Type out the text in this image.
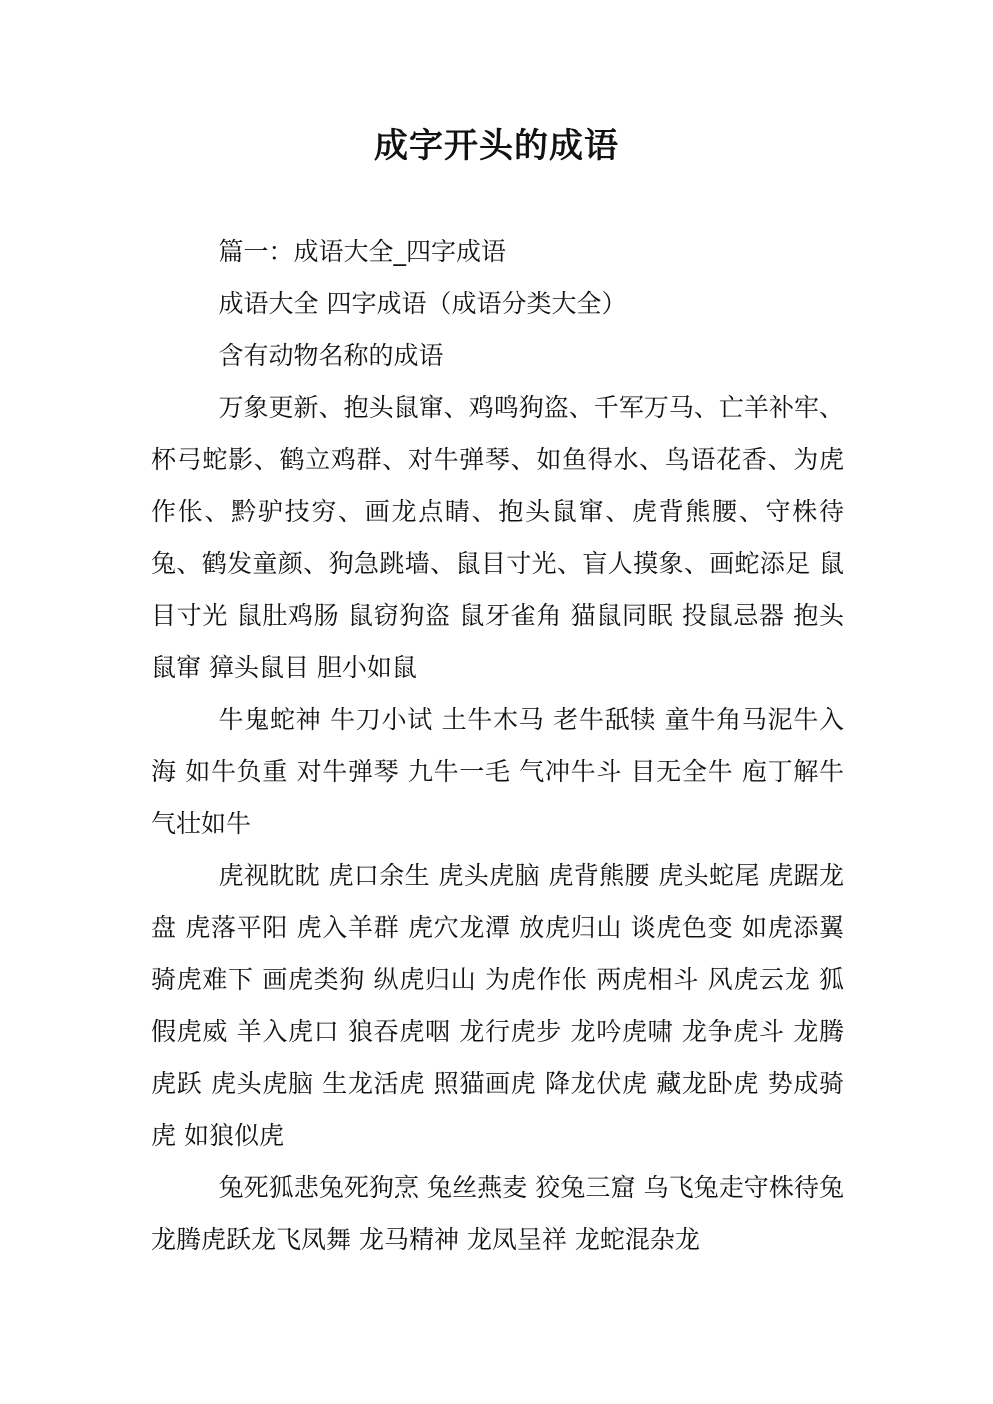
成字开头的成语

篇一：成语大全_四字成语

成语大全 四字成语（成语分类大全）

含有动物名称的成语

万象更新、抱头鼠窜、鸡鸣狗盗、千军万马、亡羊补牢、杯弓蛇影、鹤立鸡群、对牛弹琴、如鱼得水、鸟语花香、为虎作伥、黔驴技穷、画龙点睛、抱头鼠窜、虎背熊腰、守株待兔、鹤发童颜、狗急跳墙、鼠目寸光、盲人摸象、画蛇添足 鼠目寸光 鼠肚鸡肠 鼠窃狗盗 鼠牙雀角 猫鼠同眠 投鼠忌器 抱头鼠窜 獐头鼠目 胆小如鼠

牛鬼蛇神 牛刀小试 土牛木马 老牛舐犊 童牛角马泥牛入海 如牛负重 对牛弹琴 九牛一毛 气冲牛斗 目无全牛 庖丁解牛 气壮如牛

虎视眈眈 虎口余生 虎头虎脑 虎背熊腰 虎头蛇尾 虎踞龙盘 虎落平阳 虎入羊群 虎穴龙潭 放虎归山 谈虎色变 如虎添翼 骑虎难下 画虎类狗 纵虎归山 为虎作伥 两虎相斗 风虎云龙 狐假虎威 羊入虎口 狼吞虎咽 龙行虎步 龙吟虎啸 龙争虎斗 龙腾虎跃 虎头虎脑 生龙活虎 照猫画虎 降龙伏虎 藏龙卧虎 势成骑虎 如狼似虎

兔死狐悲兔死狗烹 兔丝燕麦 狡兔三窟 乌飞兔走守株待兔 龙腾虎跃龙飞凤舞 龙马精神 龙凤呈祥 龙蛇混杂龙
